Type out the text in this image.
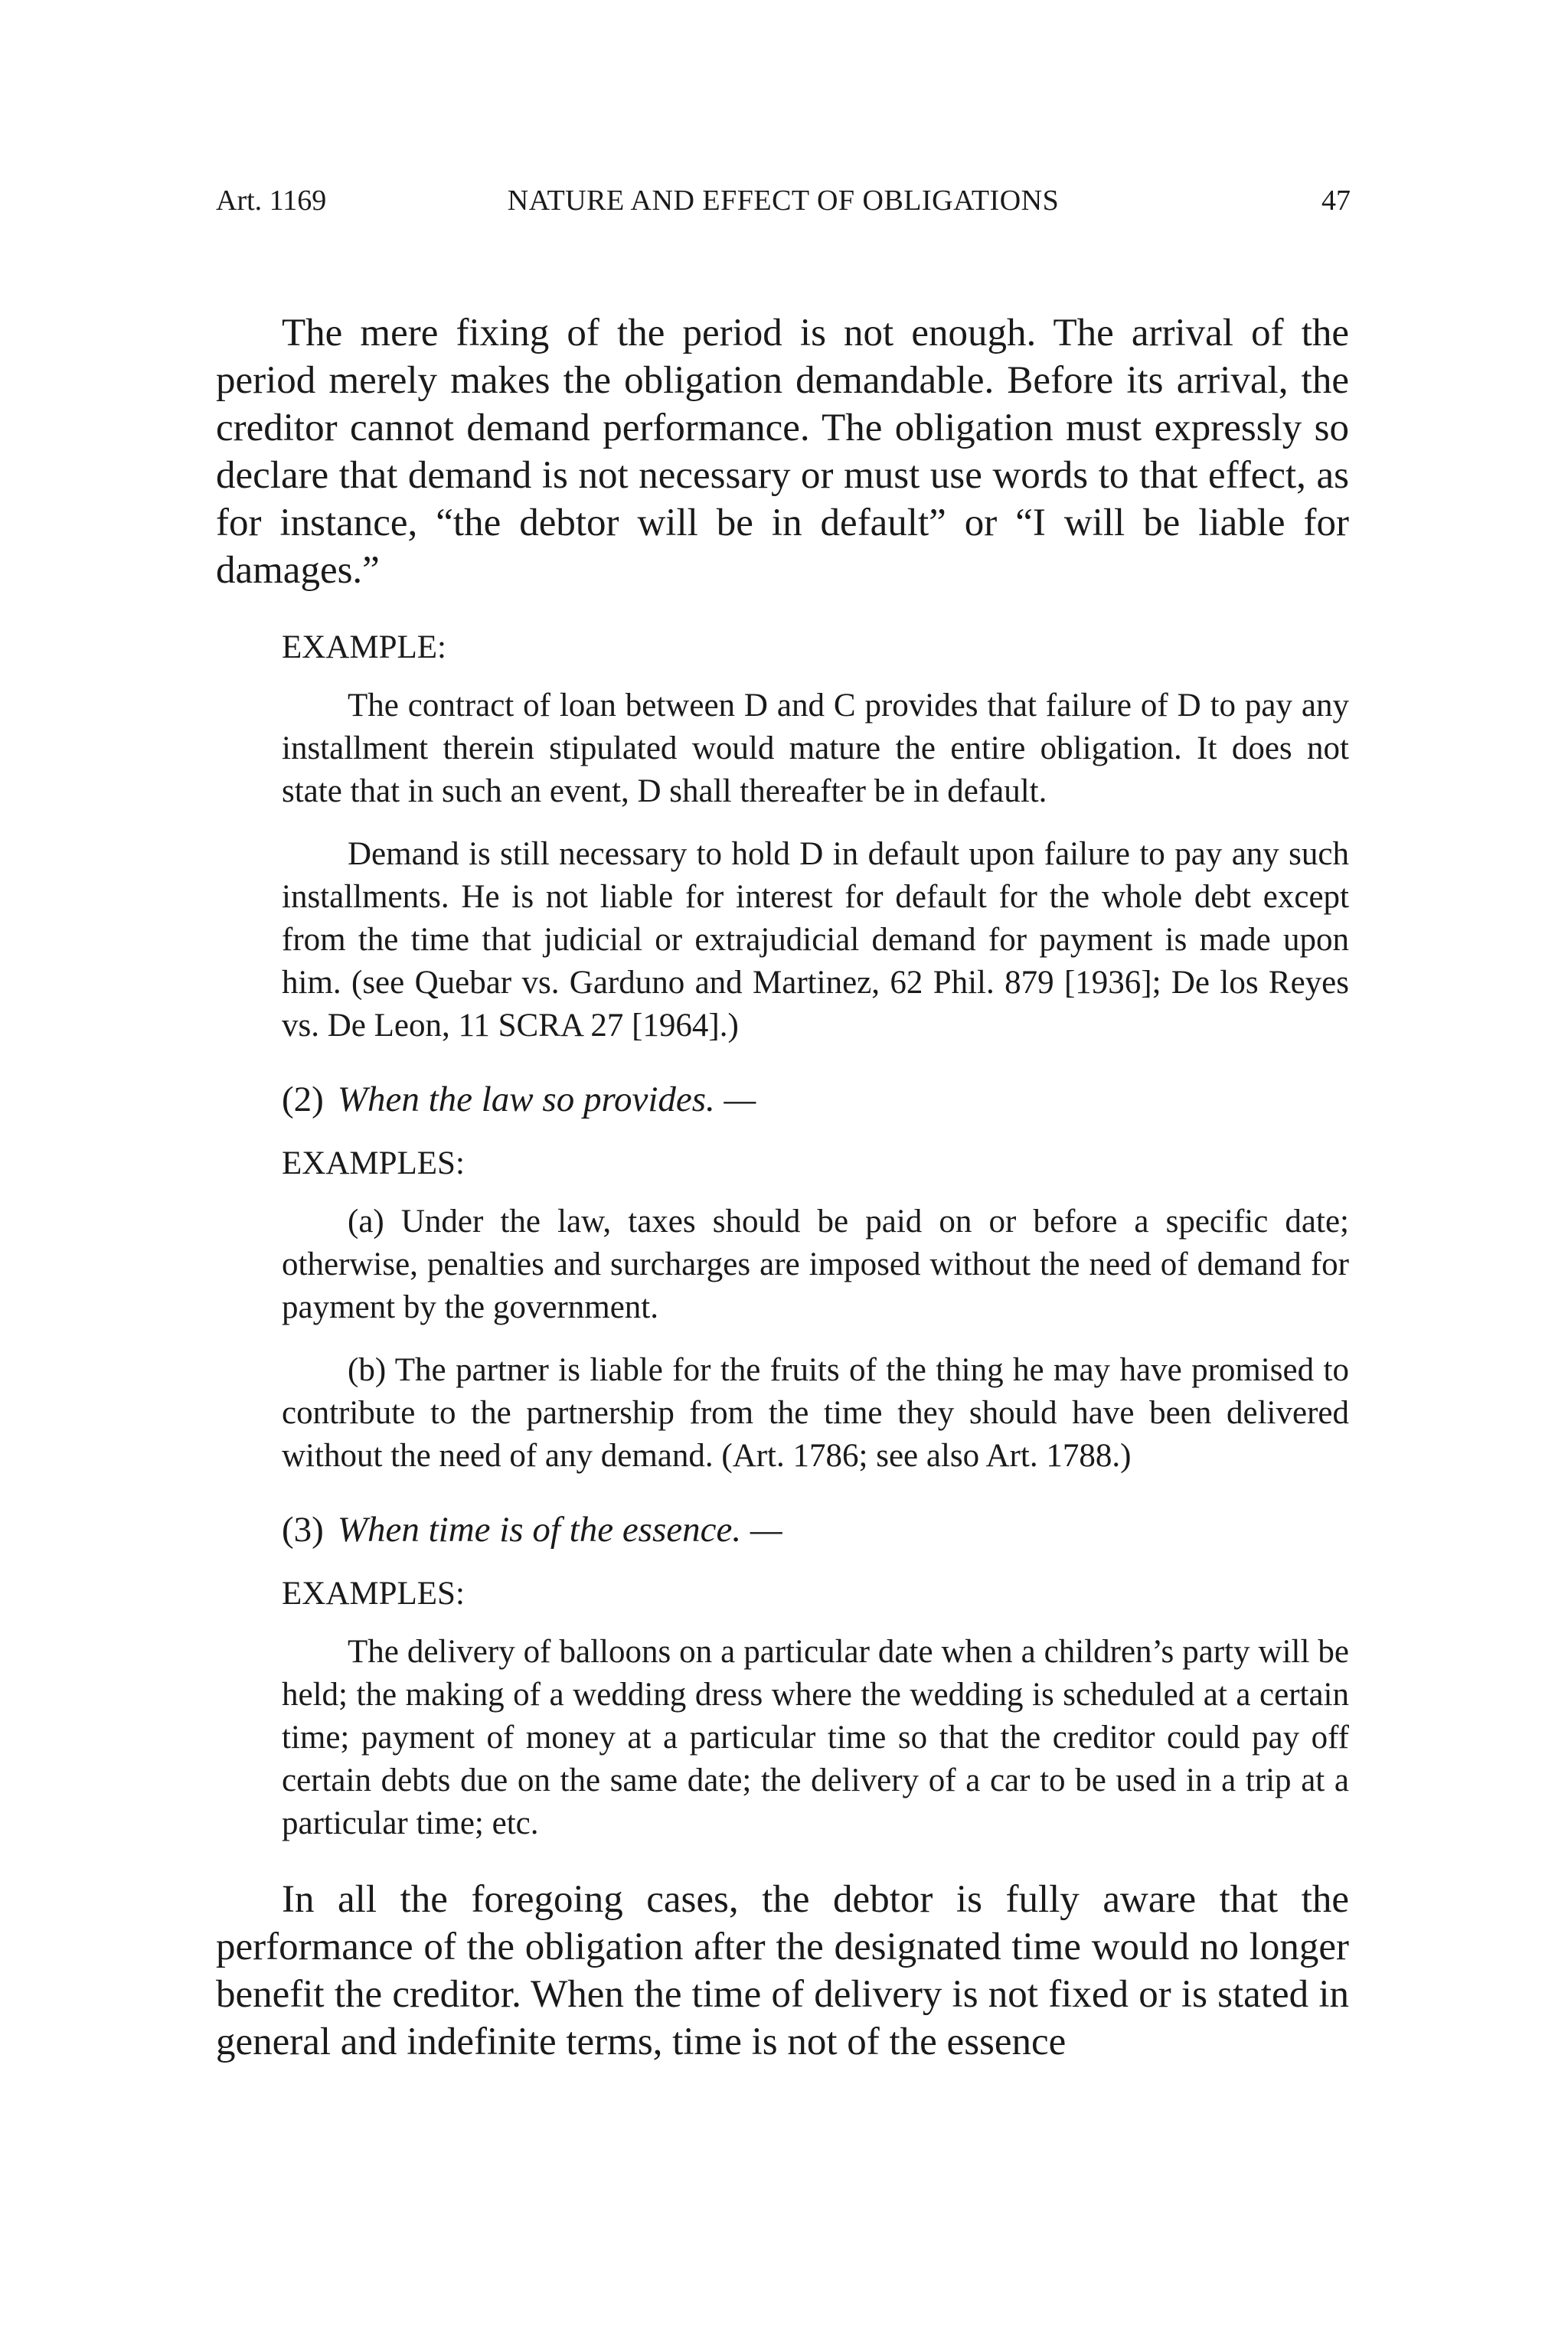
Art. 1169	NATURE AND EFFECT OF OBLIGATIONS	47

The mere fixing of the period is not enough. The arrival of the period merely makes the obligation demandable. Before its arrival, the creditor cannot demand performance. The obligation must expressly so declare that demand is not necessary or must use words to that effect, as for instance, “the debtor will be in default” or “I will be liable for damages.”

EXAMPLE:

The contract of loan between D and C provides that failure of D to pay any installment therein stipulated would mature the entire obligation. It does not state that in such an event, D shall thereafter be in default.

Demand is still necessary to hold D in default upon failure to pay any such installments. He is not liable for interest for default for the whole debt except from the time that judicial or extrajudicial demand for payment is made upon him. (see Quebar vs. Garduno and Martinez, 62 Phil. 879 [1936]; De los Reyes vs. De Leon, 11 SCRA 27 [1964].)

(2) When the law so provides. —

EXAMPLES:

(a) Under the law, taxes should be paid on or before a specific date; otherwise, penalties and surcharges are imposed without the need of demand for payment by the government.

(b) The partner is liable for the fruits of the thing he may have promised to contribute to the partnership from the time they should have been delivered without the need of any demand. (Art. 1786; see also Art. 1788.)

(3) When time is of the essence. —

EXAMPLES:

The delivery of balloons on a particular date when a children’s party will be held; the making of a wedding dress where the wedding is scheduled at a certain time; payment of money at a particular time so that the creditor could pay off certain debts due on the same date; the delivery of a car to be used in a trip at a particular time; etc.

In all the foregoing cases, the debtor is fully aware that the performance of the obligation after the designated time would no longer benefit the creditor. When the time of delivery is not fixed or is stated in general and indefinite terms, time is not of the essence
